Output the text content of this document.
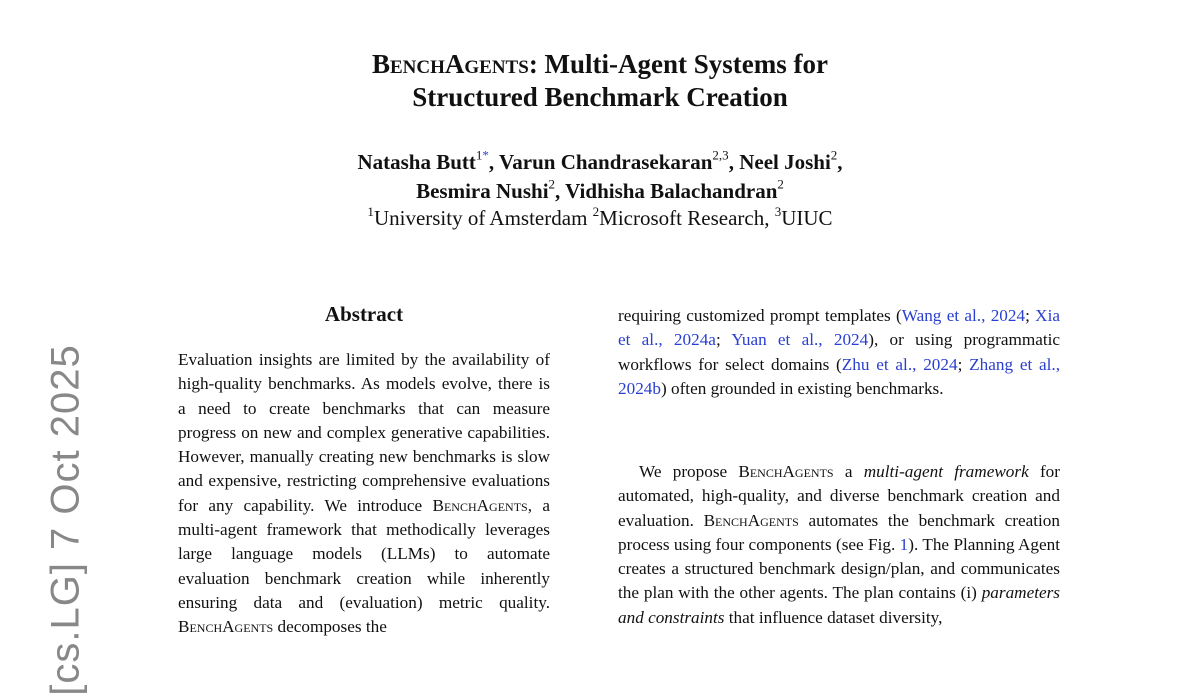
BenchAgents: Multi-Agent Systems for
Structured Benchmark Creation
Natasha Butt$^{1*}$, Varun Chandrasekaran$^{2,3}$, Neel Joshi$^2$,
Besmira Nushi$^2$, Vidhisha Balachandran$^2$
$^1$University of Amsterdam $^2$Microsoft Research, $^3$UIUC
Abstract

Evaluation insights are limited by the availability of high-quality benchmarks. As models evolve, there is a need to create benchmarks that can measure progress on new and complex generative capabilities. However, manually creating new benchmarks is slow and expensive, restricting comprehensive evaluations for any capability. We introduce BenchAgents, a multi-agent framework that methodically leverages large language models (LLMs) to automate evaluation benchmark creation while inherently ensuring data and (evaluation) metric quality. BenchAgents decomposes the

requiring customized prompt templates (Wang et al., 2024; Xia et al., 2024a; Yuan et al., 2024), or using programmatic workflows for select domains (Zhu et al., 2024; Zhang et al., 2024b) often grounded in existing benchmarks.

We propose BenchAgents a multi-agent framework for automated, high-quality, and diverse benchmark creation and evaluation. BenchAgents automates the benchmark creation process using four components (see Fig. 1). The Planning Agent creates a structured benchmark design/plan, and communicates the plan with the other agents. The plan contains (i) parameters and constraints that influence dataset diversity,

[cs.LG] 7 Oct 2025
